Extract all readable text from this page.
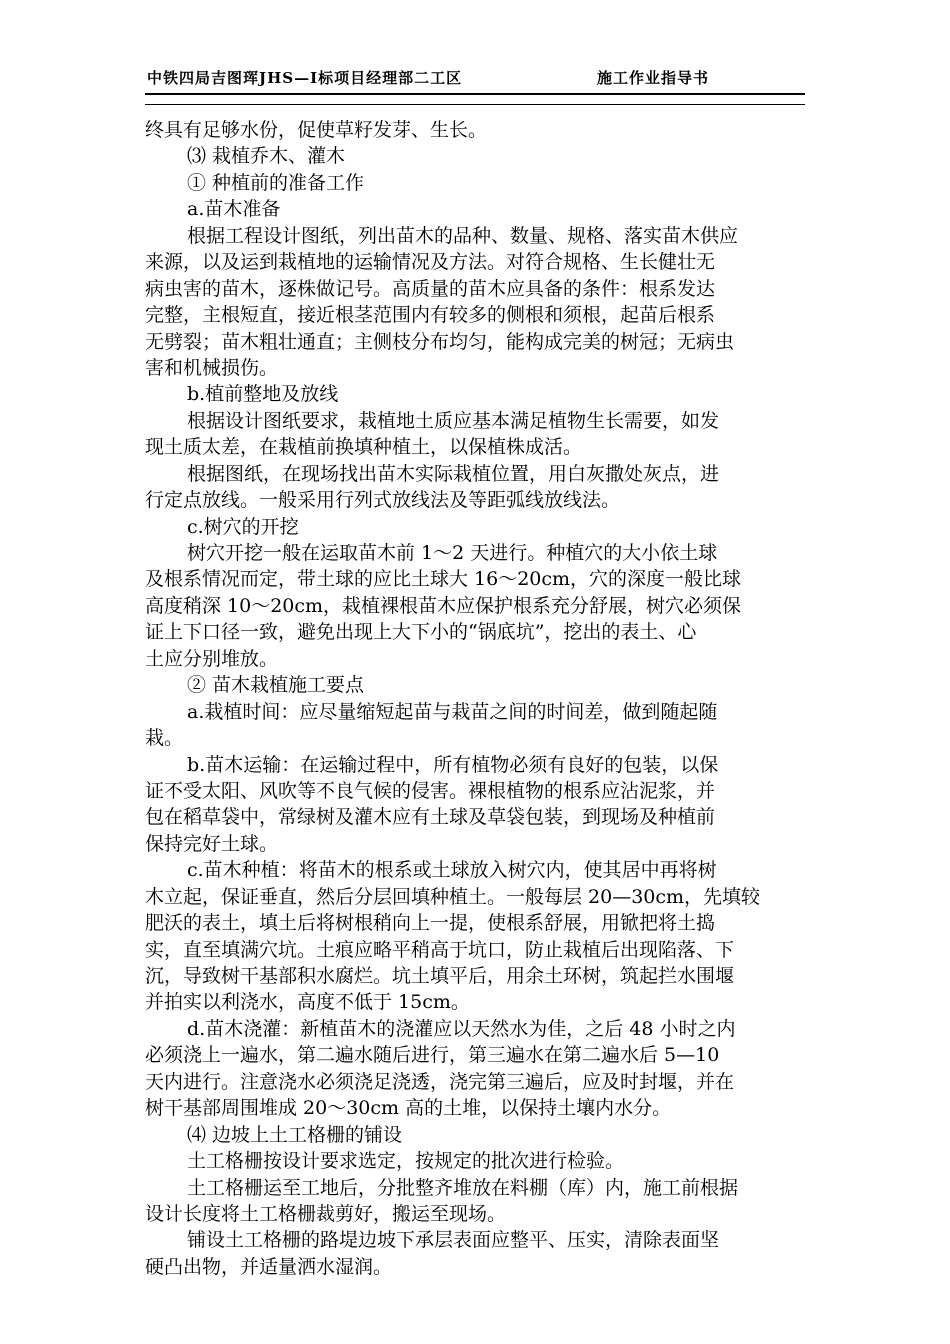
中铁四局吉图珲JHS—Ⅰ标项目经理部二工区	施工作业指导书
终具有足够水份，促使草籽发芽、生长。
⑶ 栽植乔木、灌木
① 种植前的准备工作
a.苗木准备
根据工程设计图纸，列出苗木的品种、数量、规格、落实苗木供应
来源，以及运到栽植地的运输情况及方法。对符合规格、生长健壮无
病虫害的苗木，逐株做记号。高质量的苗木应具备的条件：根系发达
完整，主根短直，接近根茎范围内有较多的侧根和须根，起苗后根系
无劈裂；苗木粗壮通直；主侧枝分布均匀，能构成完美的树冠；无病虫
害和机械损伤。
b.植前整地及放线
根据设计图纸要求，栽植地土质应基本满足植物生长需要，如发
现土质太差，在栽植前换填种植土，以保植株成活。
根据图纸，在现场找出苗木实际栽植位置，用白灰撒处灰点，进
行定点放线。一般采用行列式放线法及等距弧线放线法。
c.树穴的开挖
树穴开挖一般在运取苗木前 1～2 天进行。种植穴的大小依土球
及根系情况而定，带土球的应比土球大 16～20cm，穴的深度一般比球
高度稍深 10～20cm，栽植裸根苗木应保护根系充分舒展，树穴必须保
证上下口径一致，避免出现上大下小的“锅底坑”，挖出的表土、心
土应分别堆放。
② 苗木栽植施工要点
a.栽植时间：应尽量缩短起苗与栽苗之间的时间差，做到随起随
栽。
b.苗木运输：在运输过程中，所有植物必须有良好的包装，以保
证不受太阳、风吹等不良气候的侵害。裸根植物的根系应沾泥浆，并
包在稻草袋中，常绿树及灌木应有土球及草袋包装，到现场及种植前
保持完好土球。
c.苗木种植：将苗木的根系或土球放入树穴内，使其居中再将树
木立起，保证垂直，然后分层回填种植土。一般每层 20—30cm，先填较
肥沃的表土，填土后将树根稍向上一提，使根系舒展，用锨把将土捣
实，直至填满穴坑。土痕应略平稍高于坑口，防止栽植后出现陷落、下
沉，导致树干基部积水腐烂。坑土填平后，用余土环树，筑起拦水围堰
并拍实以利浇水，高度不低于 15cm。
d.苗木浇灌：新植苗木的浇灌应以天然水为佳，之后 48 小时之内
必须浇上一遍水，第二遍水随后进行，第三遍水在第二遍水后 5—10
天内进行。注意浇水必须浇足浇透，浇完第三遍后，应及时封堰，并在
树干基部周围堆成 20～30cm 高的土堆，以保持土壤内水分。
⑷ 边坡上土工格栅的铺设
土工格栅按设计要求选定，按规定的批次进行检验。
土工格栅运至工地后，分批整齐堆放在料棚（库）内，施工前根据
设计长度将土工格栅裁剪好，搬运至现场。
铺设土工格栅的路堤边坡下承层表面应整平、压实，清除表面坚
硬凸出物，并适量洒水湿润。
